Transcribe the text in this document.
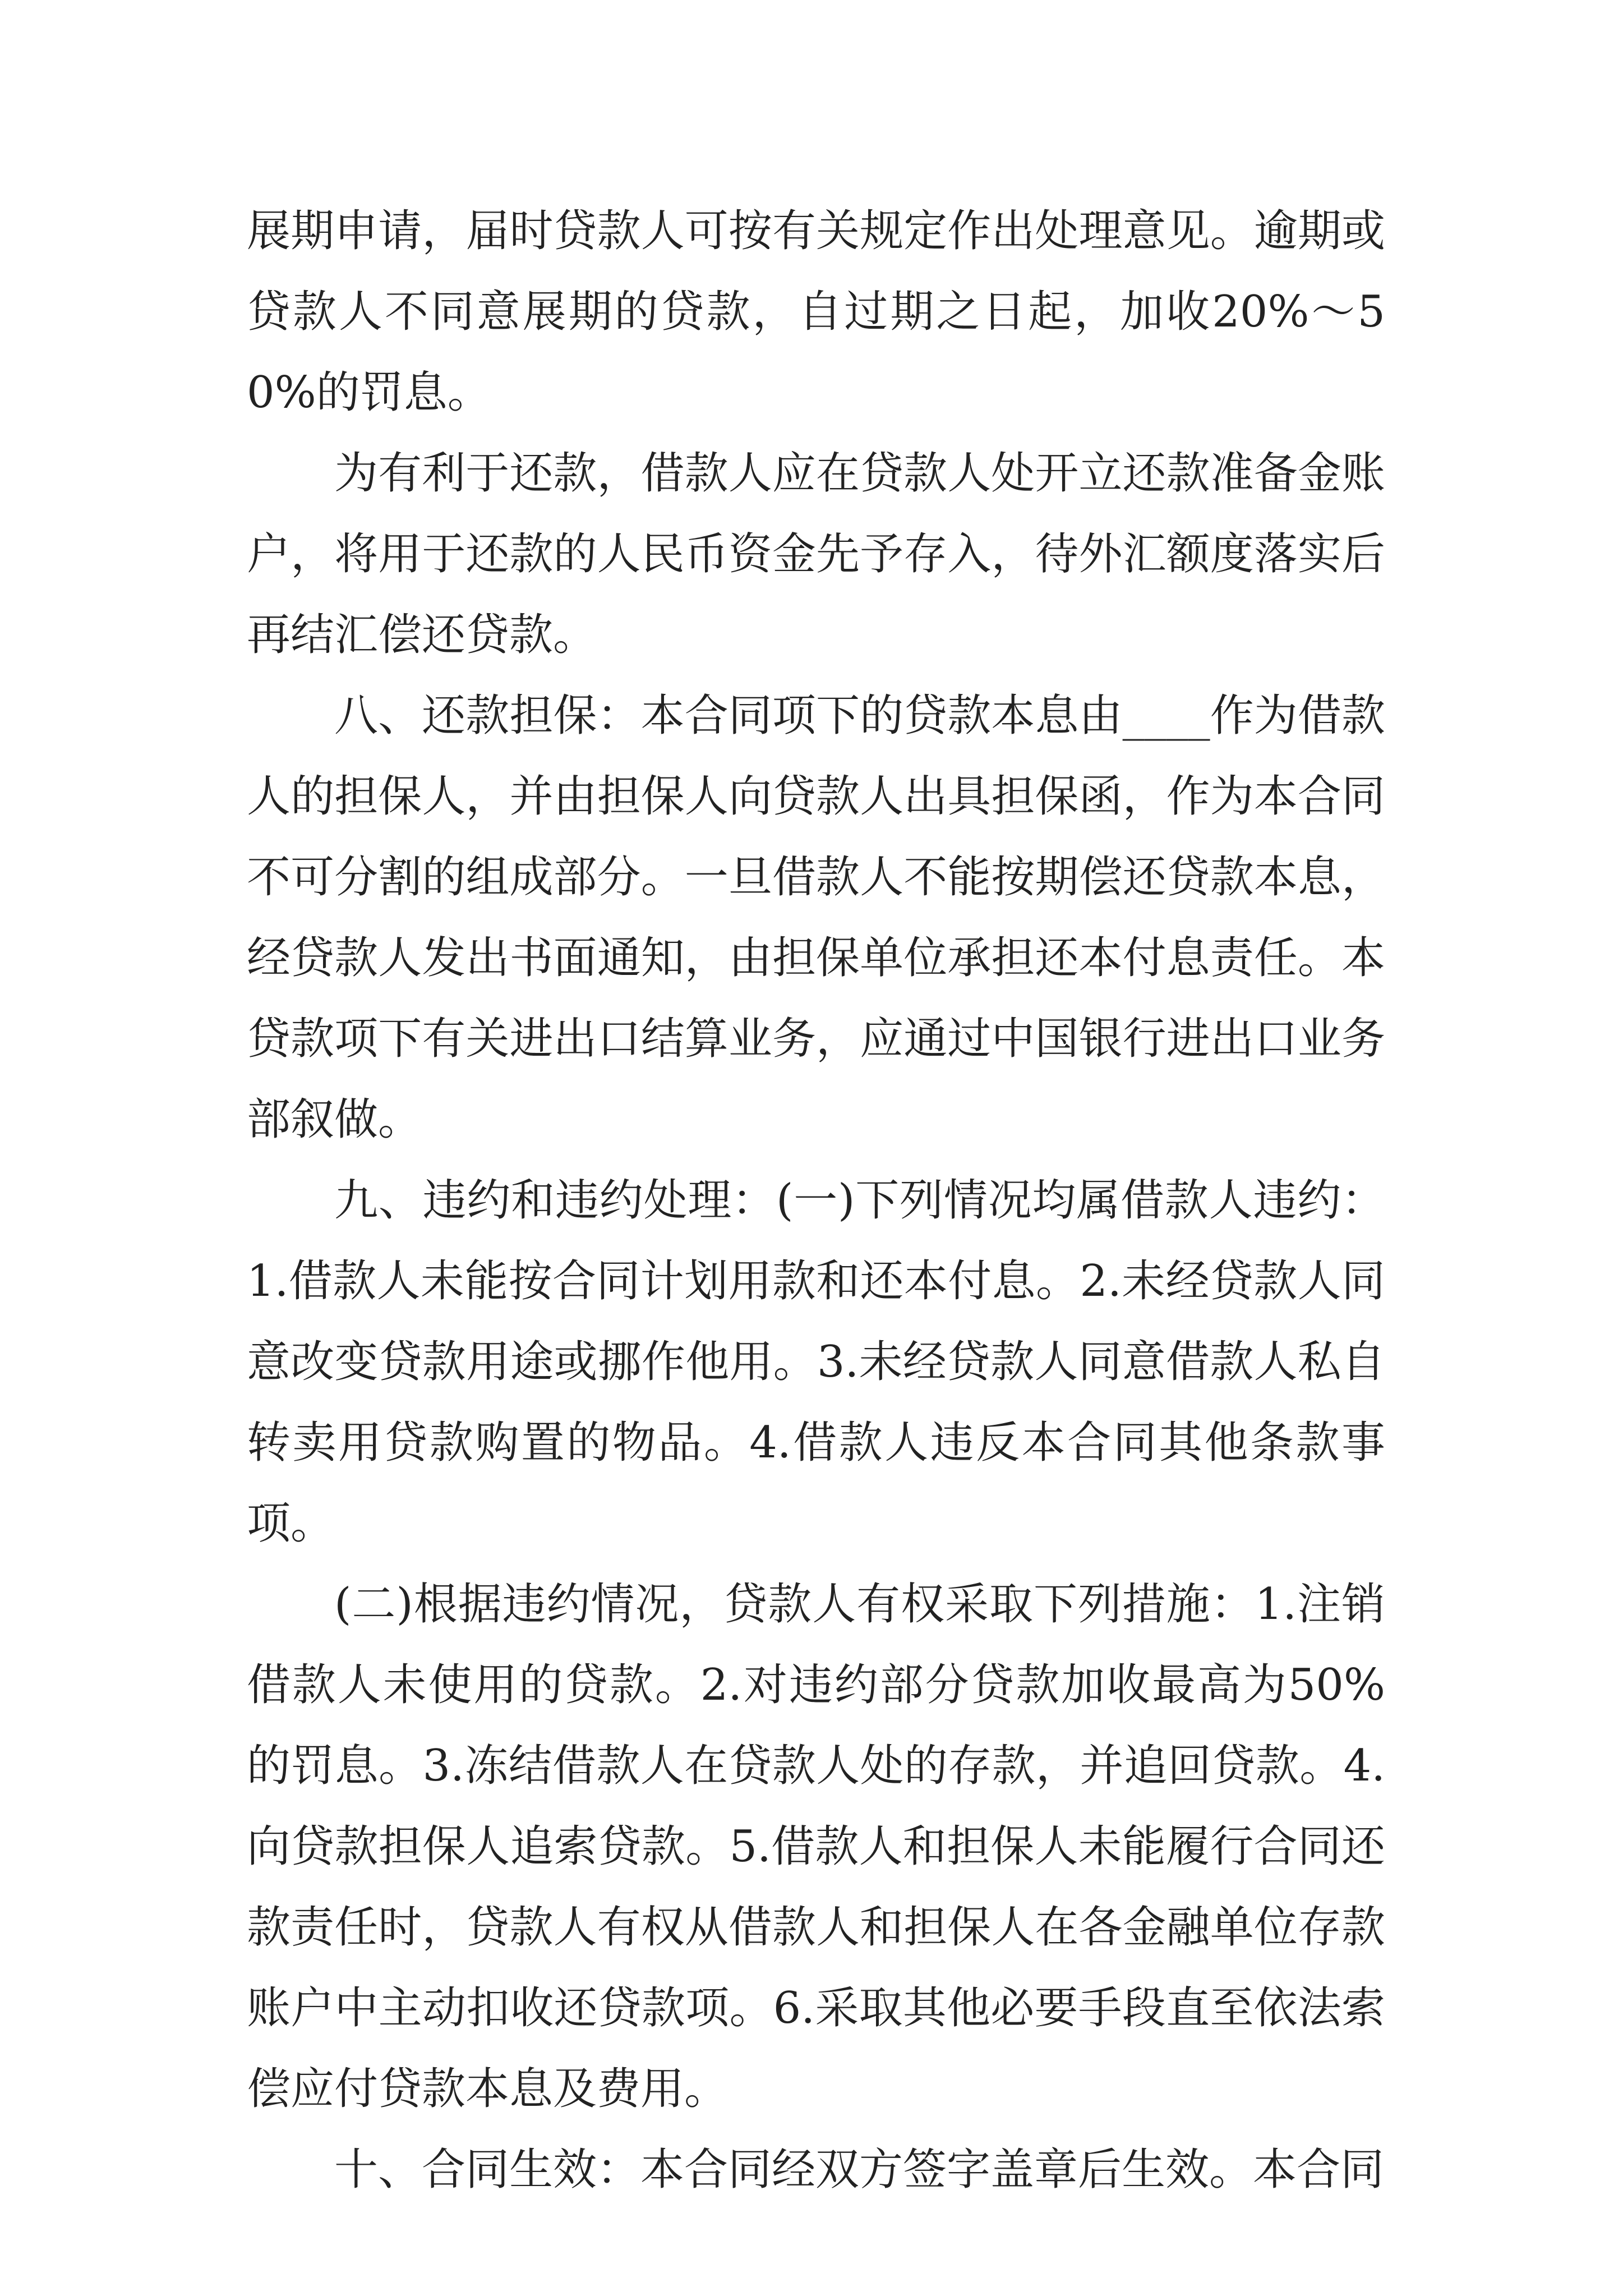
展期申请，届时贷款人可按有关规定作出处理意见。逾期或贷款人不同意展期的贷款，自过期之日起，加收20%～50%的罚息。

为有利于还款，借款人应在贷款人处开立还款准备金账户，将用于还款的人民币资金先予存入，待外汇额度落实后再结汇偿还贷款。

八、还款担保：本合同项下的贷款本息由____作为借款人的担保人，并由担保人向贷款人出具担保函，作为本合同不可分割的组成部分。一旦借款人不能按期偿还贷款本息，经贷款人发出书面通知，由担保单位承担还本付息责任。本贷款项下有关进出口结算业务，应通过中国银行进出口业务部叙做。

九、违约和违约处理：(一)下列情况均属借款人违约：1.借款人未能按合同计划用款和还本付息。2.未经贷款人同意改变贷款用途或挪作他用。3.未经贷款人同意借款人私自转卖用贷款购置的物品。4.借款人违反本合同其他条款事项。

(二)根据违约情况，贷款人有权采取下列措施：1.注销借款人未使用的贷款。2.对违约部分贷款加收最高为50%的罚息。3.冻结借款人在贷款人处的存款，并追回贷款。4.向贷款担保人追索贷款。5.借款人和担保人未能履行合同还款责任时，贷款人有权从借款人和担保人在各金融单位存款账户中主动扣收还贷款项。6.采取其他必要手段直至依法索偿应付贷款本息及费用。

十、合同生效：本合同经双方签字盖章后生效。本合同
